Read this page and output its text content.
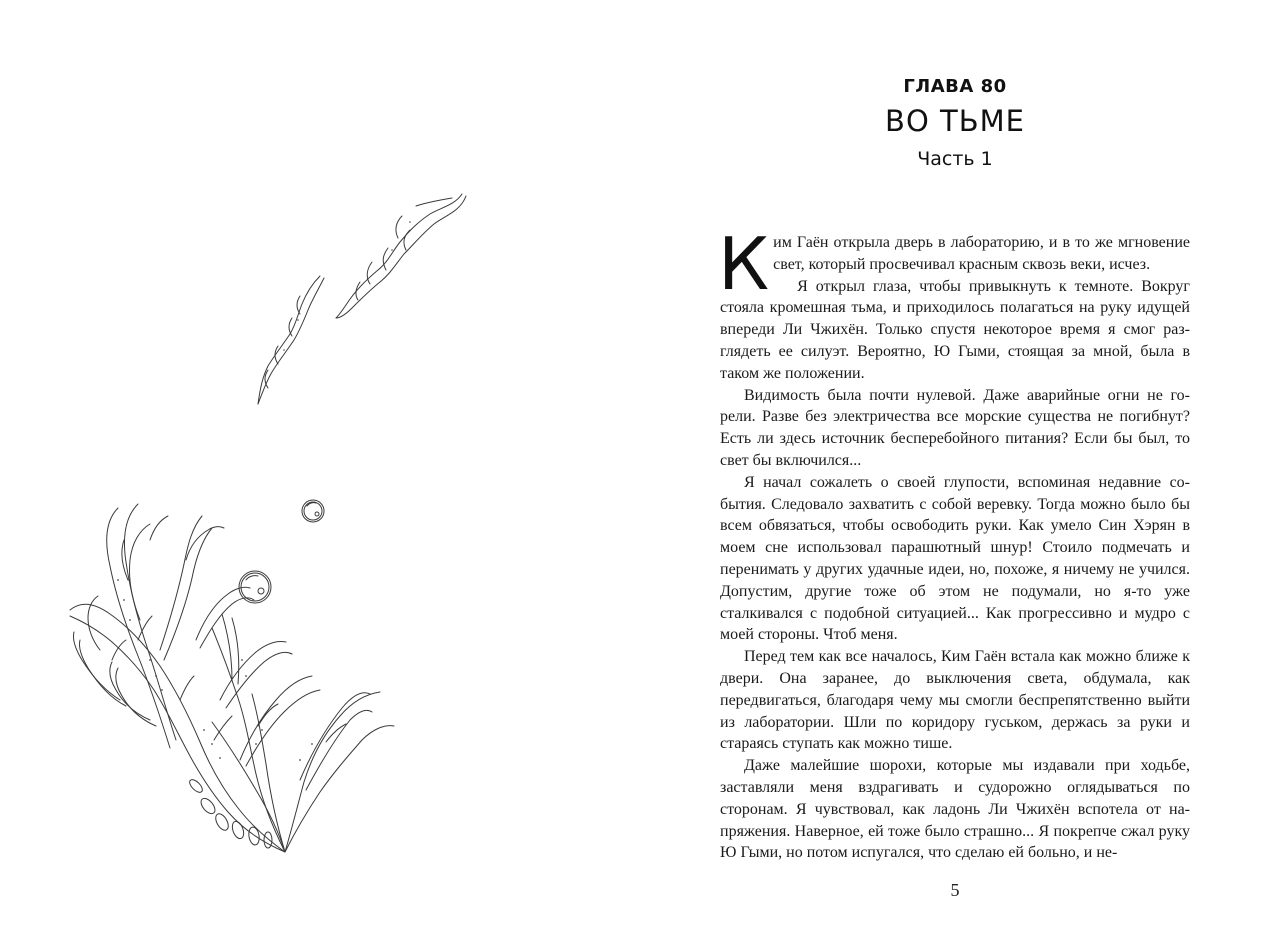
ГЛАВА 80
ВО ТЬМЕ
Часть 1

Ким Гаён открыла дверь в лабораторию, и в то же мгновение свет, который просвечивал красным сквозь веки, исчез.

Я открыл глаза, чтобы привыкнуть к темноте. Вокруг стояла кромешная тьма, и приходилось полагаться на руку идущей впереди Ли Чжихён. Только спустя некоторое время я смог разглядеть ее силуэт. Вероятно, Ю Гыми, стоящая за мной, была в таком же положении.

Видимость была почти нулевой. Даже аварийные огни не горели. Разве без электричества все морские существа не погибнут? Есть ли здесь источник бесперебойного питания? Если бы был, то свет бы включился...

Я начал сожалеть о своей глупости, вспоминая недавние события. Следовало захватить с собой веревку. Тогда можно было бы всем обвязаться, чтобы освободить руки. Как умело Син Хэрян в моем сне использовал парашютный шнур! Стоило подмечать и перенимать у других удачные идеи, но, похоже, я ничему не учился. Допустим, другие тоже об этом не подумали, но я-то уже сталкивался с подобной ситуацией... Как прогрессивно и мудро с моей стороны. Чтоб меня.

Перед тем как все началось, Ким Гаён встала как можно ближе к двери. Она заранее, до выключения света, обдумала, как передвигаться, благодаря чему мы смогли беспрепятственно выйти из лаборатории. Шли по коридору гуськом, держась за руки и стараясь ступать как можно тише.

Даже малейшие шорохи, которые мы издавали при ходьбе, заставляли меня вздрагивать и судорожно оглядываться по сторонам. Я чувствовал, как ладонь Ли Чжихён вспотела от напряжения. Наверное, ей тоже было страшно... Я покрепче сжал руку Ю Гыми, но потом испугался, что сделаю ей больно, и не-

5
